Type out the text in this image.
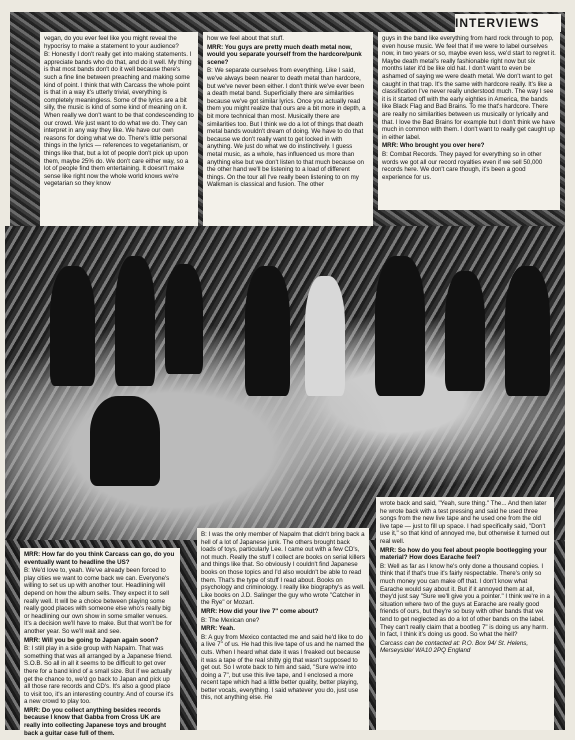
INTERVIEWS

vegan, do you ever feel like you might reveal the hypocrisy to make a statement to your audience?

B: Honestly I don't really get into making statements. I appreciate bands who do that, and do it well. My thing is that most bands don't do it well because there's such a fine line between preaching and making some kind of point. I think that with Carcass the whole point is that in a way it's utterly trivial, everything is completely meaningless. Some of the lyrics are a bit silly, the music is kind of some kind of meaning on it. When really we don't want to be that condescending to our crowd. We just want to do what we do. They can interpret in any way they like. We have our own reasons for doing what we do. There's little personal things in the lyrics — references to vegetarianism, or things like that, but a lot of people don't pick up upon them, maybe 25% do. We don't care either way, so a lot of people find them entertaining. It doesn't make sense like right now the whole world knows we're vegetarian so they know

how we feel about that stuff.

MRR: You guys are pretty much death metal now, would you separate yourself from the hardcore/punk scene?

B: We separate ourselves from everything. Like I said, we've always been nearer to death metal than hardcore, but we've never been either. I don't think we've ever been a death metal band. Superficially there are similarities because we've got similar lyrics. Once you actually read them you might realize that ours are a bit more in depth, a bit more technical than most. Musically there are similarities too. But I think we do a lot of things that death metal bands wouldn't dream of doing. We have to do that because we don't really want to get locked in with anything. We just do what we do instinctively. I guess metal music, as a whole, has influenced us more than anything else but we don't listen to that much because on the other hand we'll be listening to a load of different things. On the tour all I've really been listening to on my Walkman is classical and fusion. The other

guys in the band like everything from hard rock through to pop, even house music. We feel that if we were to label ourselves now, in two years or so, maybe even less, we'd start to regret it. Maybe death metal's really fashionable right now but six months later it'd be like old hat. I don't want to even be ashamed of saying we were death metal. We don't want to get caught in that trap. It's the same with hardcore really. It's like a classification I've never really understood much. The way I see it is it started off with the early eighties in America, the bands like Black Flag and Bad Brains. To me that's hardcore. There are really no similarities between us musically or lyrically and that. I love the Bad Brains for example but I don't think we have much in common with them. I don't want to really get caught up in either label.

MRR: Who brought you over here?

B: Combat Records. They payed for everything so in other words we got all our record royalties even if we sell 50,000 records here. We don't care though, it's been a good experience for us.

MRR: How far do you think Carcass can go, do you eventually want to headline the US?

B: We'd love to, yeah. We've already been forced to play cities we want to come back we can. Everyone's willing to set us up with another tour. Headlining will depend on how the album sells. They expect it to sell really well. It will be a choice between playing some really good places with someone else who's really big or headlining our own show in some smaller venues. It's a decision we'll have to make. But that won't be for another year. So we'll wait and see.

MRR: Will you be going to Japan again soon?

B: I still play in a side group with Napalm. That was something that was all arranged by a Japanese friend. S.O.B. So all in all it seems to be difficult to get over there for a band kind of a small size. But if we actually get the chance to, we'd go back to Japan and pick up all those rare records and CD's. It's also a good place to visit too, it's an interesting country. And of course it's a new crowd to play too.

MRR: Do you collect anything besides records because I know that Gabba from Cross UK are really into collecting Japanese toys and brought back a guitar case full of them.

B: I was the only member of Napalm that didn't bring back a hell of a lot of Japanese junk. The others brought back loads of toys, particularly Lee. I came out with a few CD's, not much. Really the stuff I collect are books on serial killers and things like that. So obviously I couldn't find Japanese books on those topics and I'd also wouldn't be able to read them. That's the type of stuff I read about. Books on psychology and criminology. I really like biography's as well. Like books on J.D. Salinger the guy who wrote "Catcher in the Rye" or Mozart.

MRR: How did your live 7" come about?

B: The Mexican one?

MRR: Yeah.

B: A guy from Mexico contacted me and said he'd like to do a live 7" of us. He had this live tape of us and he named the cuts. When I heard what date it was I freaked out because it was a tape of the real shitty gig that wasn't supposed to get out. So I wrote back to him and said, "Sure we're into doing a 7", but use this live tape, and I enclosed a more recent tape which had a little better quality, better playing, better vocals, everything. I said whatever you do, just use this, not anything else. He

wrote back and said, "Yeah, sure thing." The... And then later he wrote back with a test pressing and said he used three songs from the new live tape and he used one from the old live tape — just to fill up space. I had specifically said, "Don't use it," so that kind of annoyed me, but otherwise it turned out real well.

MRR: So how do you feel about people bootlegging your material? How does Earache feel?

B: Well as far as I know he's only done a thousand copies. I think that if that's true it's fairly respectable. There's only so much money you can make off that. I don't know what Earache would say about it. But if it annoyed them at all, they'd just say "Sure we'll give you a pointer." I think we're in a situation where two of the guys at Earache are really good friends of ours, but they're so busy with other bands that we tend to get neglected as do a lot of other bands on the label. They can't really claim that a bootleg 7" is doing us any harm. In fact, I think it's doing us good. So what the hell?

Carcass can be contacted at: P.O. Box 94/ St. Helens, Merseyside/ WA10 2PQ England
